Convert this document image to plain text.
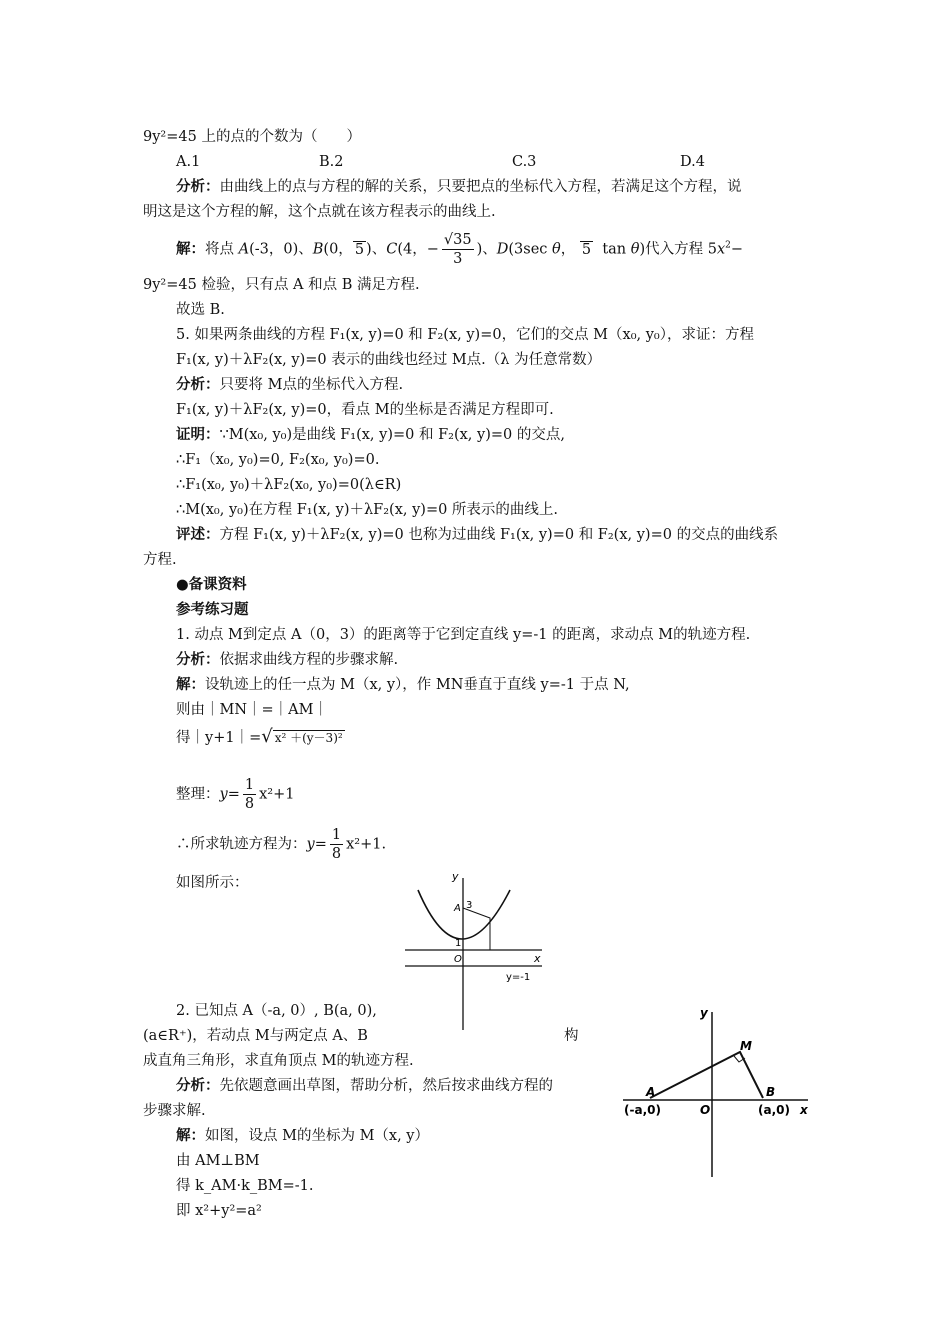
9y²=45 上的点的个数为（　　）
A.1	B.2	C.3	D.4
分析：由曲线上的点与方程的解的关系，只要把点的坐标代入方程，若满足这个方程，说
明这是这个方程的解，这个点就在该方程表示的曲线上.
解：将点 A(-3，0)、B(0， 5 )、C(4，− $\frac{√35}{3}$ )、D(3sec θ， 5  tan θ)代入方程 $5x^2-$
9y²=45 检验，只有点 A 和点 B 满足方程.
故选 B.
5. 如果两条曲线的方程 F₁(x, y)=0 和 F₂(x, y)=0，它们的交点 M（x₀, y₀），求证：方程
F₁(x, y)＋λF₂(x, y)=0 表示的曲线也经过 M点.（λ 为任意常数）
分析：只要将 M点的坐标代入方程.
F₁(x, y)＋λF₂(x, y)=0，看点 M的坐标是否满足方程即可.
证明：∵M(x₀, y₀)是曲线 F₁(x, y)=0 和 F₂(x, y)=0 的交点,
∴F₁（x₀, y₀)=0, F₂(x₀, y₀)=0.
∴F₁(x₀, y₀)＋λF₂(x₀, y₀)=0(λ∈R)
∴M(x₀, y₀)在方程 F₁(x, y)＋λF₂(x, y)=0 所表示的曲线上.
评述：方程 F₁(x, y)＋λF₂(x, y)=0 也称为过曲线 F₁(x, y)=0 和 F₂(x, y)=0 的交点的曲线系
方程.
●备课资料
参考练习题
1. 动点 M到定点 A（0，3）的距离等于它到定直线 y=-1 的距离，求动点 M的轨迹方程.
分析：依据求曲线方程的步骤求解.
解：设轨迹上的任一点为 M（x, y），作 MN垂直于直线 y=-1 于点 N,
则由｜MN｜=｜AM｜
得｜y+1｜=√ x² ＋(y－3)²
整理：$y= \frac{1}{8} x^2+1$
∴所求轨迹方程为：$y= \frac{1}{8} x^2+1$.
如图所示：	y
x
A 3
1
O
y=-1
2. 已知点 A（-a, 0）, B(a, 0),
(a∈R⁺)，若动点 M与两定点 A、B	构
成直角三角形，求直角顶点 M的轨迹方程.
分析：先依题意画出草图，帮助分析，然后按求曲线方程的
步骤求解.
解：如图，设点 M的坐标为 M（x, y）
由 AM⊥BM
得 k_AM·k_BM=-1.
即 x²+y²=a²
y
x
M
A	B
O
(-a,0)	(a,0)
